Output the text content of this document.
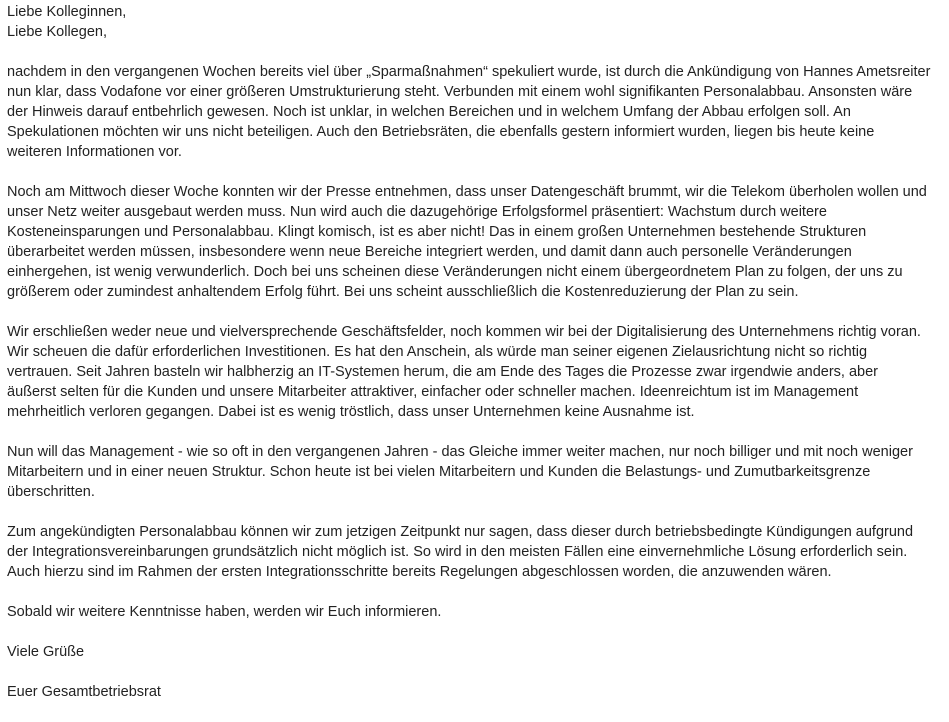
Liebe Kolleginnen,
Liebe Kollegen,

nachdem in den vergangenen Wochen bereits viel über „Sparmaßnahmen“ spekuliert wurde, ist durch die Ankündigung von Hannes Ametsreiter
nun klar, dass Vodafone vor einer größeren Umstrukturierung steht. Verbunden mit einem wohl signifikanten Personalabbau. Ansonsten wäre
der Hinweis darauf entbehrlich gewesen. Noch ist unklar, in welchen Bereichen und in welchem Umfang der Abbau erfolgen soll. An
Spekulationen möchten wir uns nicht beteiligen. Auch den Betriebsräten, die ebenfalls gestern informiert wurden, liegen bis heute keine
weiteren Informationen vor.

Noch am Mittwoch dieser Woche konnten wir der Presse entnehmen, dass unser Datengeschäft brummt, wir die Telekom überholen wollen und
unser Netz weiter ausgebaut werden muss. Nun wird auch die dazugehörige Erfolgsformel präsentiert: Wachstum durch weitere
Kosteneinsparungen und Personalabbau. Klingt komisch, ist es aber nicht! Das in einem großen Unternehmen bestehende Strukturen
überarbeitet werden müssen, insbesondere wenn neue Bereiche integriert werden, und damit dann auch personelle Veränderungen
einhergehen, ist wenig verwunderlich. Doch bei uns scheinen diese Veränderungen nicht einem übergeordnetem Plan zu folgen, der uns zu
größerem oder zumindest anhaltendem Erfolg führt. Bei uns scheint ausschließlich die Kostenreduzierung der Plan zu sein.

Wir erschließen weder neue und vielversprechende Geschäftsfelder, noch kommen wir bei der Digitalisierung des Unternehmens richtig voran.
Wir scheuen die dafür erforderlichen Investitionen. Es hat den Anschein, als würde man seiner eigenen Zielausrichtung nicht so richtig
vertrauen. Seit Jahren basteln wir halbherzig an IT-Systemen herum, die am Ende des Tages die Prozesse zwar irgendwie anders, aber
äußerst selten für die Kunden und unsere Mitarbeiter attraktiver, einfacher oder schneller machen. Ideenreichtum ist im Management
mehrheitlich verloren gegangen. Dabei ist es wenig tröstlich, dass unser Unternehmen keine Ausnahme ist.

Nun will das Management - wie so oft in den vergangenen Jahren - das Gleiche immer weiter machen, nur noch billiger und mit noch weniger
Mitarbeitern und in einer neuen Struktur. Schon heute ist bei vielen Mitarbeitern und Kunden die Belastungs- und Zumutbarkeitsgrenze
überschritten.

Zum angekündigten Personalabbau können wir zum jetzigen Zeitpunkt nur sagen, dass dieser durch betriebsbedingte Kündigungen aufgrund
der Integrationsvereinbarungen grundsätzlich nicht möglich ist. So wird in den meisten Fällen eine einvernehmliche Lösung erforderlich sein.
Auch hierzu sind im Rahmen der ersten Integrationsschritte bereits Regelungen abgeschlossen worden, die anzuwenden wären.

Sobald wir weitere Kenntnisse haben, werden wir Euch informieren.

Viele Grüße

Euer Gesamtbetriebsrat
